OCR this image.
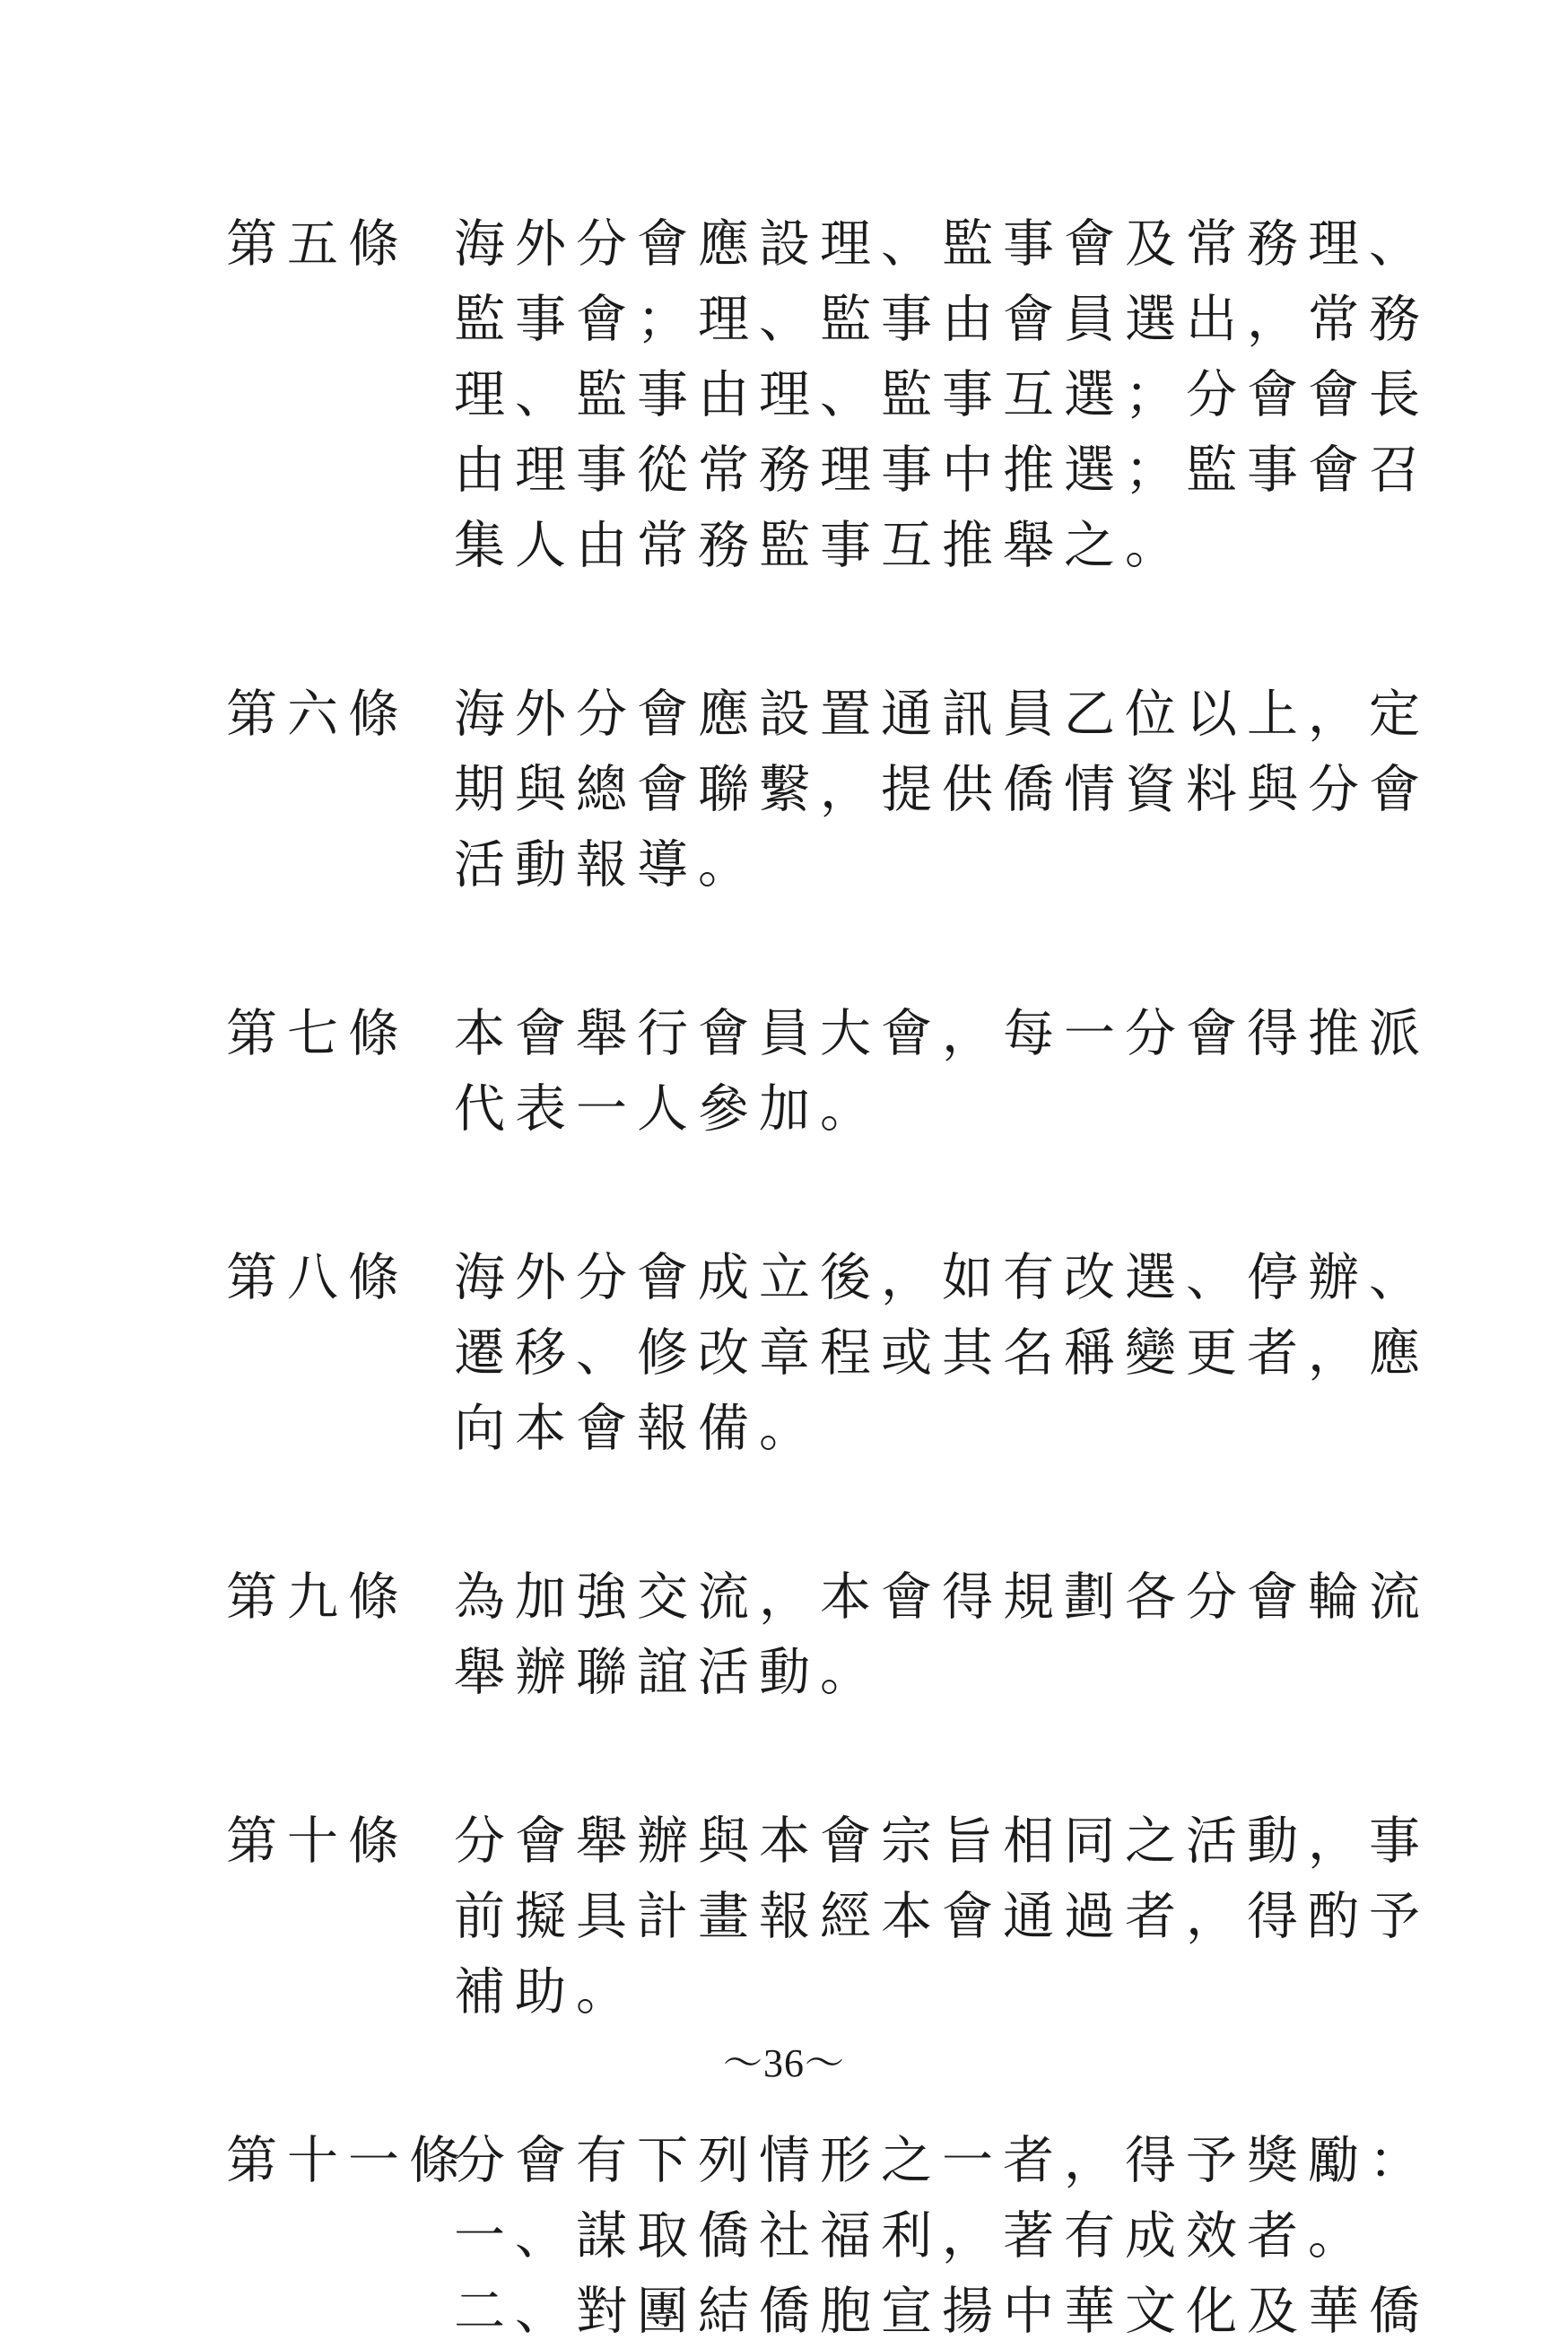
第五條 海外分會應設理、監事會及常務理、
監事會；理、監事由會員選出，常務
理、監事由理、監事互選；分會會長
由理事從常務理事中推選；監事會召
集人由常務監事互推舉之。
第六條 海外分會應設置通訊員乙位以上，定
期與總會聯繫，提供僑情資料與分會
活動報導。
第七條 本會舉行會員大會，每一分會得推派
代表一人參加。
第八條 海外分會成立後，如有改選、停辦、
遷移、修改章程或其名稱變更者，應
向本會報備。
第九條 為加強交流，本會得規劃各分會輪流
舉辦聯誼活動。
第十條 分會舉辦與本會宗旨相同之活動，事
前擬具計畫報經本會通過者，得酌予
補助。
第十一條
分會有下列情形之一者，得予獎勵：
一、謀取僑社福利，著有成效者。
二、對團結僑胞宣揚中華文化及華僑
～36～
